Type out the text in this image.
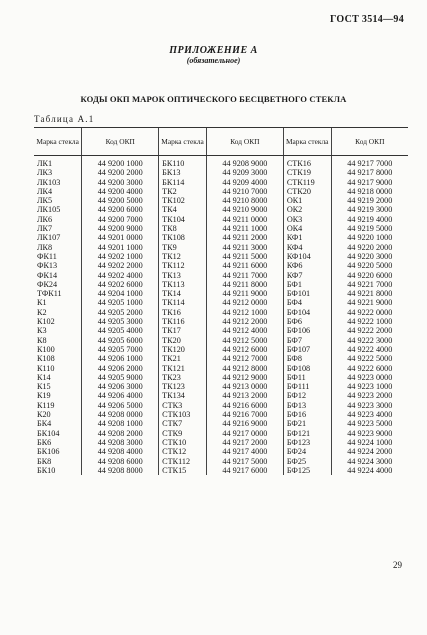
ГОСТ 3514—94
ПРИЛОЖЕНИЕ А
(обязательное)
КОДЫ ОКП МАРОК ОПТИЧЕСКОГО БЕСЦВЕТНОГО СТЕКЛА
Таблица А.1
Марка стекла	Код ОКП	Марка стекла	Код ОКП	Марка стекла	Код ОКП
ЛК1	44 9200 1000	БК110	44 9208 9000	СТК16	44 9217 7000
ЛК3	44 9200 2000	БК13	44 9209 3000	СТК19	44 9217 8000
ЛК103	44 9200 3000	БК114	44 9209 4000	СТК119	44 9217 9000
ЛК4	44 9200 4000	ТК2	44 9210 7000	СТК20	44 9218 0000
ЛК5	44 9200 5000	ТК102	44 9210 8000	ОК1	44 9219 2000
ЛК105	44 9200 6000	ТК4	44 9210 9000	ОК2	44 9219 3000
ЛК6	44 9200 7000	ТК104	44 9211 0000	ОК3	44 9219 4000
ЛК7	44 9200 9000	ТК8	44 9211 1000	ОК4	44 9219 5000
ЛК107	44 9201 0000	ТК108	44 9211 2000	КФ1	44 9220 1000
ЛК8	44 9201 1000	ТК9	44 9211 3000	КФ4	44 9220 2000
ФК11	44 9202 1000	ТК12	44 9211 5000	КФ104	44 9220 3000
ФК13	44 9202 2000	ТК112	44 9211 6000	КФ6	44 9220 5000
ФК14	44 9202 4000	ТК13	44 9211 7000	КФ7	44 9220 6000
ФК24	44 9202 6000	ТК113	44 9211 8000	БФ1	44 9221 7000
ТФК11	44 9204 1000	ТК14	44 9211 9000	БФ101	44 9221 8000
К1	44 9205 1000	ТК114	44 9212 0000	БФ4	44 9221 9000
К2	44 9205 2000	ТК16	44 9212 1000	БФ104	44 9222 0000
К102	44 9205 3000	ТК116	44 9212 2000	БФ6	44 9222 1000
К3	44 9205 4000	ТК17	44 9212 4000	БФ106	44 9222 2000
К8	44 9205 6000	ТК20	44 9212 5000	БФ7	44 9222 3000
К100	44 9205 7000	ТК120	44 9212 6000	БФ107	44 9222 4000
К108	44 9206 1000	ТК21	44 9212 7000	БФ8	44 9222 5000
К110	44 9206 2000	ТК121	44 9212 8000	БФ108	44 9222 6000
К14	44 9205 9000	ТК23	44 9212 9000	БФ11	44 9223 0000
К15	44 9206 3000	ТК123	44 9213 0000	БФ111	44 9223 1000
К19	44 9206 4000	ТК134	44 9213 2000	БФ12	44 9223 2000
К119	44 9206 5000	СТК3	44 9216 6000	БФ13	44 9223 3000
К20	44 9208 0000	СТК103	44 9216 7000	БФ16	44 9223 4000
БК4	44 9208 1000	СТК7	44 9216 9000	БФ21	44 9223 5000
БК104	44 9208 2000	СТК9	44 9217 0000	БФ121	44 9223 9000
БК6	44 9208 3000	СТК10	44 9217 2000	БФ123	44 9224 1000
БК106	44 9208 4000	СТК12	44 9217 4000	БФ24	44 9224 2000
БК8	44 9208 6000	СТК112	44 9217 5000	БФ25	44 9224 3000
БК10	44 9208 8000	СТК15	44 9217 6000	БФ125	44 9224 4000
29
